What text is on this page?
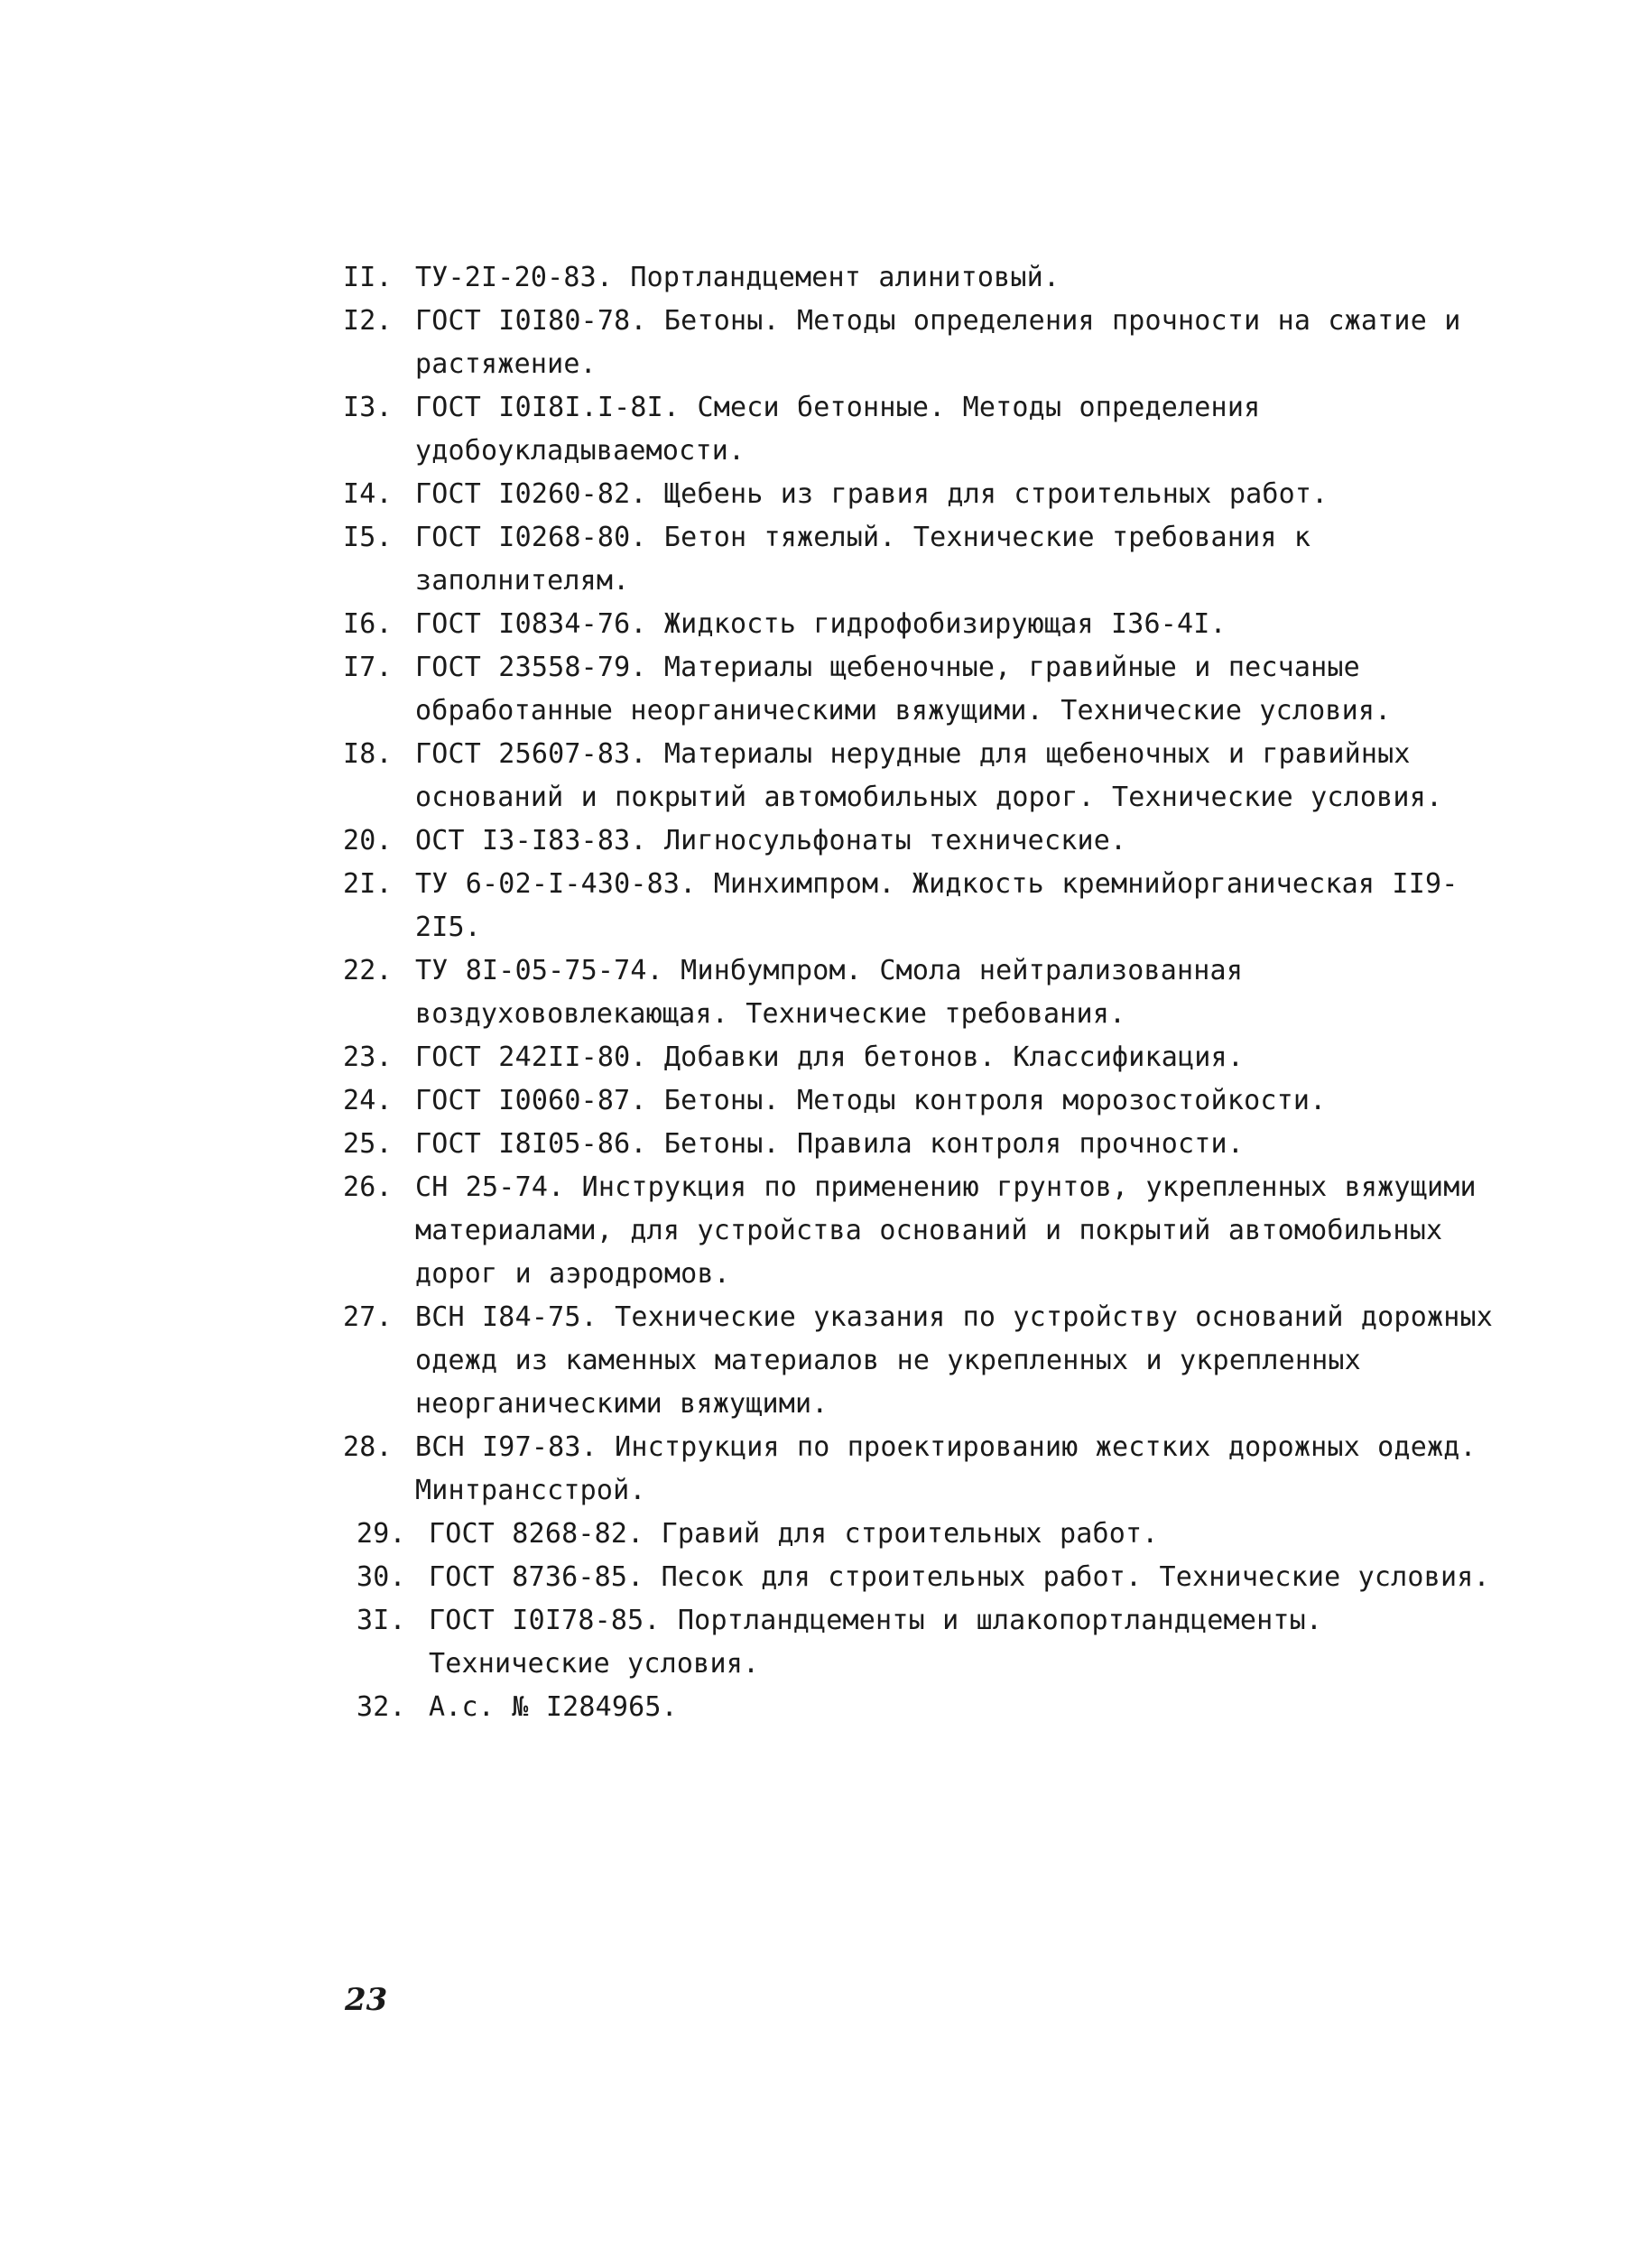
II. ТУ-2I-20-83. Портландцемент алинитовый.
I2. ГОСТ I0I80-78. Бетоны. Методы определения прочности на сжатие и растяжение.
I3. ГОСТ I0I8I.I-8I. Смеси бетонные. Методы определения удобоукладываемости.
I4. ГОСТ I0260-82. Щебень из гравия для строительных работ.
I5. ГОСТ I0268-80. Бетон тяжелый. Технические требования к заполнителям.
I6. ГОСТ I0834-76. Жидкость гидрофобизирующая I36-4I.
I7. ГОСТ 23558-79. Материалы щебеночные, гравийные и песчаные обработанные неорганическими вяжущими. Технические условия.
I8. ГОСТ 25607-83. Материалы нерудные для щебеночных и гравийных оснований и покрытий автомобильных дорог. Технические условия.
20. ОСТ I3-I83-83. Лигносульфонаты технические.
2I. ТУ 6-02-I-430-83. Минхимпром. Жидкость кремнийорганическая II9-2I5.
22. ТУ 8I-05-75-74. Минбумпром. Смола нейтрализованная воздухововлекающая. Технические требования.
23. ГОСТ 242II-80. Добавки для бетонов. Классификация.
24. ГОСТ I0060-87. Бетоны. Методы контроля морозостойкости.
25. ГОСТ I8I05-86. Бетоны. Правила контроля прочности.
26. СН 25-74. Инструкция по применению грунтов, укрепленных вяжущими материалами, для устройства оснований и покрытий автомобильных дорог и аэродромов.
27. ВСН I84-75. Технические указания по устройству оснований дорожных одежд из каменных материалов не укрепленных и укрепленных неорганическими вяжущими.
28. ВСН I97-83. Инструкция по проектированию жестких дорожных одежд. Минтрансстрой.
29. ГОСТ 8268-82. Гравий для строительных работ.
30. ГОСТ 8736-85. Песок для строительных работ. Технические условия.
3I. ГОСТ I0I78-85. Портландцементы и шлакопортландцементы. Технические условия.
32. А.с. № I284965.
23
